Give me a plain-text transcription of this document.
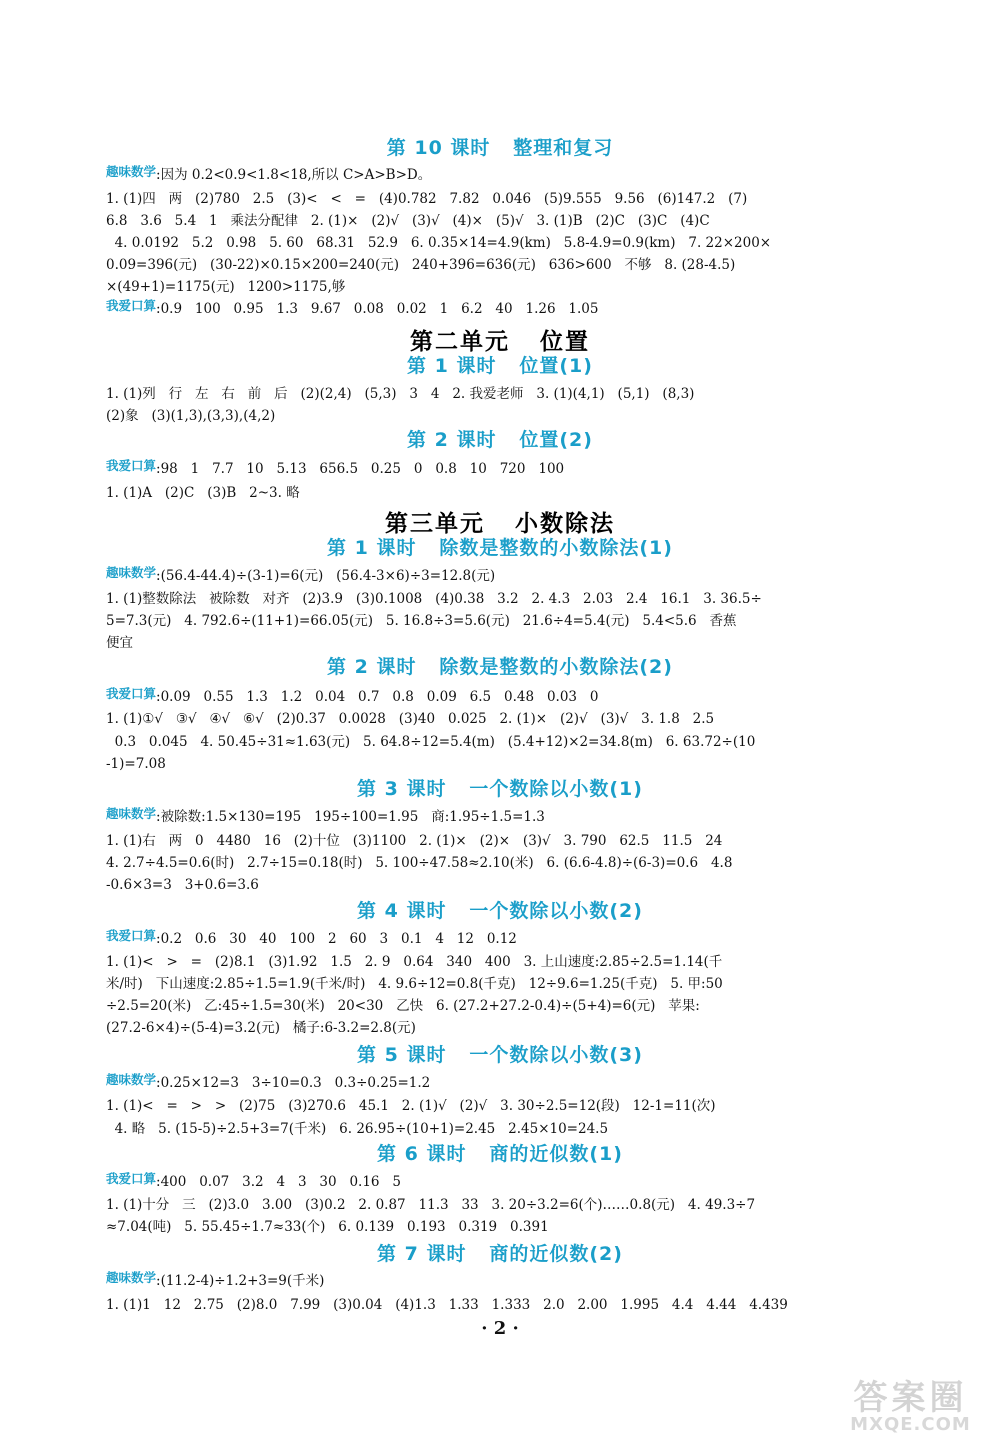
第 10 课时   整理和复习
趣味数学:因为 0.2<0.9<1.8<18,所以 C>A>B>D。
1. (1)四   两   (2)780   2.5   (3)<   <   =   (4)0.782   7.82   0.046   (5)9.555   9.56   (6)147.2   (7)
6.8   3.6   5.4   1   乘法分配律   2. (1)×   (2)√   (3)√   (4)×   (5)√   3. (1)B   (2)C   (3)C   (4)C
4. 0.0192   5.2   0.98   5. 60   68.31   52.9   6. 0.35×14=4.9(km)   5.8-4.9=0.9(km)   7. 22×200×
0.09=396(元)   (30-22)×0.15×200=240(元)   240+396=636(元)   636>600   不够   8. (28-4.5)
×(49+1)=1175(元)   1200>1175,够
我爱口算:0.9   100   0.95   1.3   9.67   0.08   0.02   1   6.2   40   1.26   1.05
第二单元   位置
第 1 课时   位置(1)
1. (1)列   行   左   右   前   后   (2)(2,4)   (5,3)   3   4   2. 我爱老师   3. (1)(4,1)   (5,1)   (8,3)
(2)象   (3)(1,3),(3,3),(4,2)
第 2 课时   位置(2)
我爱口算:98   1   7.7   10   5.13   656.5   0.25   0   0.8   10   720   100
1. (1)A   (2)C   (3)B   2~3. 略
第三单元   小数除法
第 1 课时   除数是整数的小数除法(1)
趣味数学:(56.4-44.4)÷(3-1)=6(元)   (56.4-3×6)÷3=12.8(元)
1. (1)整数除法   被除数   对齐   (2)3.9   (3)0.1008   (4)0.38   3.2   2. 4.3   2.03   2.4   16.1   3. 36.5÷
5=7.3(元)   4. 792.6÷(11+1)=66.05(元)   5. 16.8÷3=5.6(元)   21.6÷4=5.4(元)   5.4<5.6   香蕉
便宜
第 2 课时   除数是整数的小数除法(2)
我爱口算:0.09   0.55   1.3   1.2   0.04   0.7   0.8   0.09   6.5   0.48   0.03   0
1. (1)①√   ③√   ④√   ⑥√   (2)0.37   0.0028   (3)40   0.025   2. (1)×   (2)√   (3)√   3. 1.8   2.5
0.3   0.045   4. 50.45÷31≈1.63(元)   5. 64.8÷12=5.4(m)   (5.4+12)×2=34.8(m)   6. 63.72÷(10
-1)=7.08
第 3 课时   一个数除以小数(1)
趣味数学:被除数:1.5×130=195   195÷100=1.95   商:1.95÷1.5=1.3
1. (1)右   两   0   4480   16   (2)十位   (3)1100   2. (1)×   (2)×   (3)√   3. 790   62.5   11.5   24
4. 2.7÷4.5=0.6(时)   2.7÷15=0.18(时)   5. 100÷47.58≈2.10(米)   6. (6.6-4.8)÷(6-3)=0.6   4.8
-0.6×3=3   3+0.6=3.6
第 4 课时   一个数除以小数(2)
我爱口算:0.2   0.6   30   40   100   2   60   3   0.1   4   12   0.12
1. (1)<   >   =   (2)8.1   (3)1.92   1.5   2. 9   0.64   340   400   3. 上山速度:2.85÷2.5=1.14(千
米/时)   下山速度:2.85÷1.5=1.9(千米/时)   4. 9.6÷12=0.8(千克)   12÷9.6=1.25(千克)   5. 甲:50
÷2.5=20(米)   乙:45÷1.5=30(米)   20<30   乙快   6. (27.2+27.2-0.4)÷(5+4)=6(元)   苹果:
(27.2-6×4)÷(5-4)=3.2(元)   橘子:6-3.2=2.8(元)
第 5 课时   一个数除以小数(3)
趣味数学:0.25×12=3   3÷10=0.3   0.3÷0.25=1.2
1. (1)<   =   >   >   (2)75   (3)270.6   45.1   2. (1)√   (2)√   3. 30÷2.5=12(段)   12-1=11(次)
4. 略   5. (15-5)÷2.5+3=7(千米)   6. 26.95÷(10+1)=2.45   2.45×10=24.5
第 6 课时   商的近似数(1)
我爱口算:400   0.07   3.2   4   3   30   0.16   5
1. (1)十分   三   (2)3.0   3.00   (3)0.2   2. 0.87   11.3   33   3. 20÷3.2=6(个)……0.8(元)   4. 49.3÷7
≈7.04(吨)   5. 55.45÷1.7≈33(个)   6. 0.139   0.193   0.319   0.391
第 7 课时   商的近似数(2)
趣味数学:(11.2-4)÷1.2+3=9(千米)
1. (1)1   12   2.75   (2)8.0   7.99   (3)0.04   (4)1.3   1.33   1.333   2.0   2.00   1.995   4.4   4.44   4.439
· 2 ·
答案圈
MXQE.COM
